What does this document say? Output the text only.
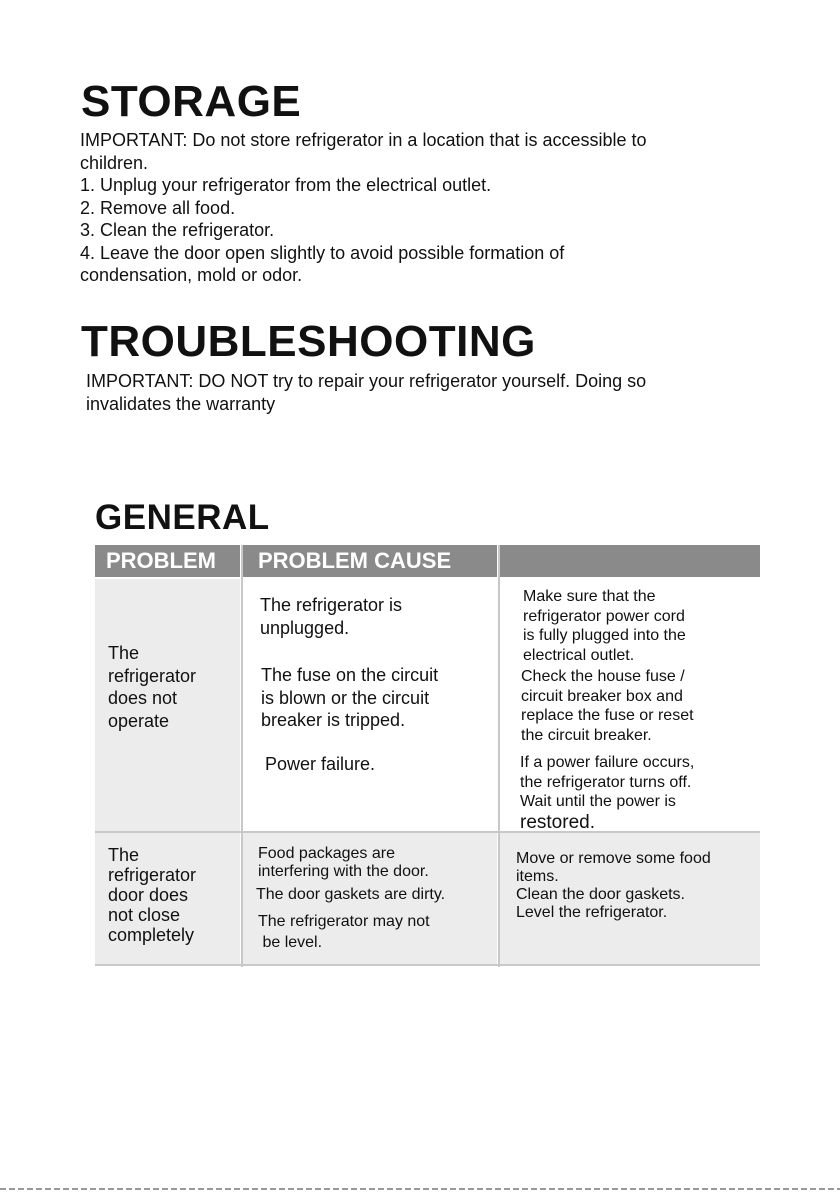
STORAGE
IMPORTANT: Do not store refrigerator in a location that is accessible to
children.
1. Unplug your refrigerator from the electrical outlet.
2. Remove all food.
3. Clean the refrigerator.
4. Leave the door open slightly to avoid possible formation of
condensation, mold or odor.
TROUBLESHOOTING
IMPORTANT: DO NOT try to repair your refrigerator yourself. Doing so
invalidates the warranty
GENERAL
PROBLEM	PROBLEM CAUSE
The
refrigerator
does not
operate
The refrigerator is
unplugged.
The fuse on the circuit
is blown or the circuit
breaker is tripped.
Power failure.
Make sure that the
refrigerator power cord
is fully plugged into the
electrical outlet.
Check the house fuse /
circuit breaker box and
replace the fuse or reset
the circuit breaker.
If a power failure occurs,
the refrigerator turns off.
Wait until the power is
restored.
The
refrigerator
door does
not close
completely
Food packages are
interfering with the door.
The door gaskets are dirty.
The refrigerator may not
be level.
Move or remove some food
items.
Clean the door gaskets.
Level the refrigerator.
